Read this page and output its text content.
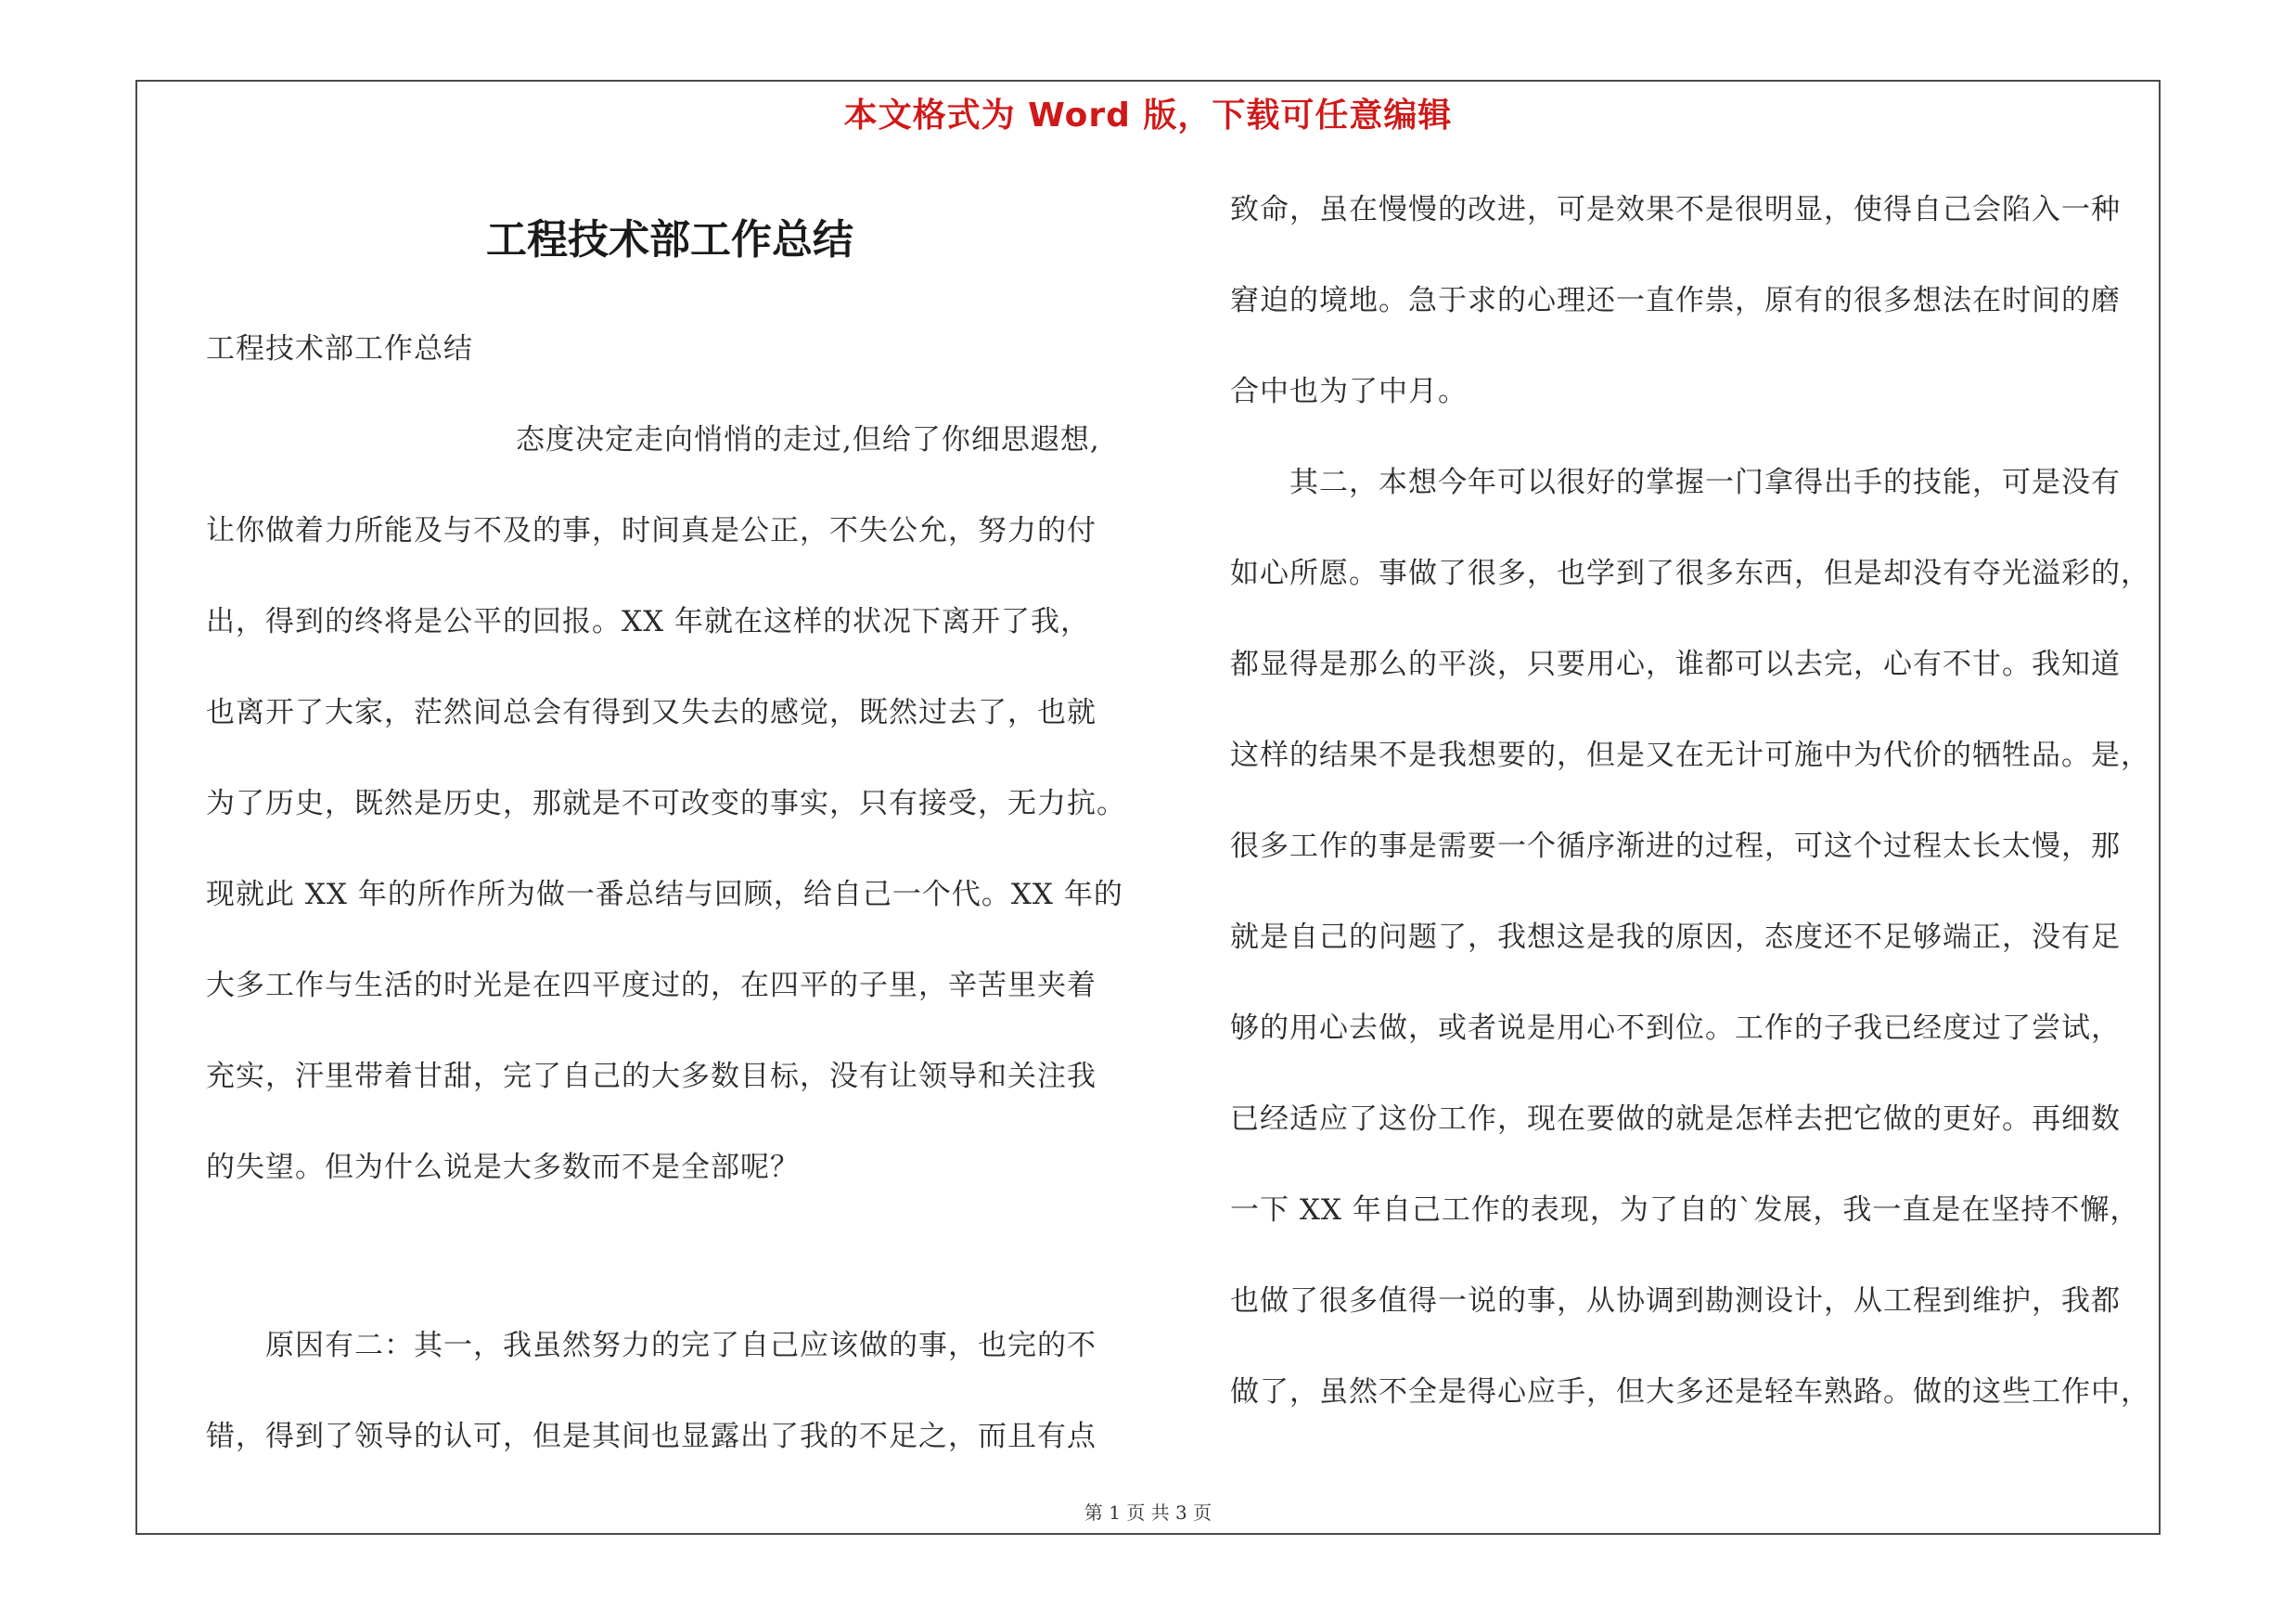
本文格式为 Word 版，下载可任意编辑
工程技术部工作总结
工程技术部工作总结
态度决定走向悄悄的走过,但给了你细思遐想,
让你做着力所能及与不及的事，时间真是公正，不失公允，努力的付
出，得到的终将是公平的回报。XX 年就在这样的状况下离开了我，
也离开了大家，茫然间总会有得到又失去的感觉，既然过去了，也就
为了历史，既然是历史，那就是不可改变的事实，只有接受，无力抗。
现就此 XX 年的所作所为做一番总结与回顾，给自己一个代。XX 年的
大多工作与生活的时光是在四平度过的，在四平的子里，辛苦里夹着
充实，汗里带着甘甜，完了自己的大多数目标，没有让领导和关注我
的失望。但为什么说是大多数而不是全部呢？
原因有二：其一，我虽然努力的完了自己应该做的事，也完的不
错，得到了领导的认可，但是其间也显露出了我的不足之，而且有点
致命，虽在慢慢的改进，可是效果不是很明显，使得自己会陷入一种
窘迫的境地。急于求的心理还一直作祟，原有的很多想法在时间的磨
合中也为了中月。
其二，本想今年可以很好的掌握一门拿得出手的技能，可是没有
如心所愿。事做了很多，也学到了很多东西，但是却没有夺光溢彩的，
都显得是那么的平淡，只要用心，谁都可以去完，心有不甘。我知道
这样的结果不是我想要的，但是又在无计可施中为代价的牺牲品。是，
很多工作的事是需要一个循序渐进的过程，可这个过程太长太慢，那
就是自己的问题了，我想这是我的原因，态度还不足够端正，没有足
够的用心去做，或者说是用心不到位。工作的子我已经度过了尝试，
已经适应了这份工作，现在要做的就是怎样去把它做的更好。再细数
一下 XX 年自己工作的表现，为了自的`发展，我一直是在坚持不懈，
也做了很多值得一说的事，从协调到勘测设计，从工程到维护，我都
做了，虽然不全是得心应手，但大多还是轻车熟路。做的这些工作中，
第 1 页 共 3 页
